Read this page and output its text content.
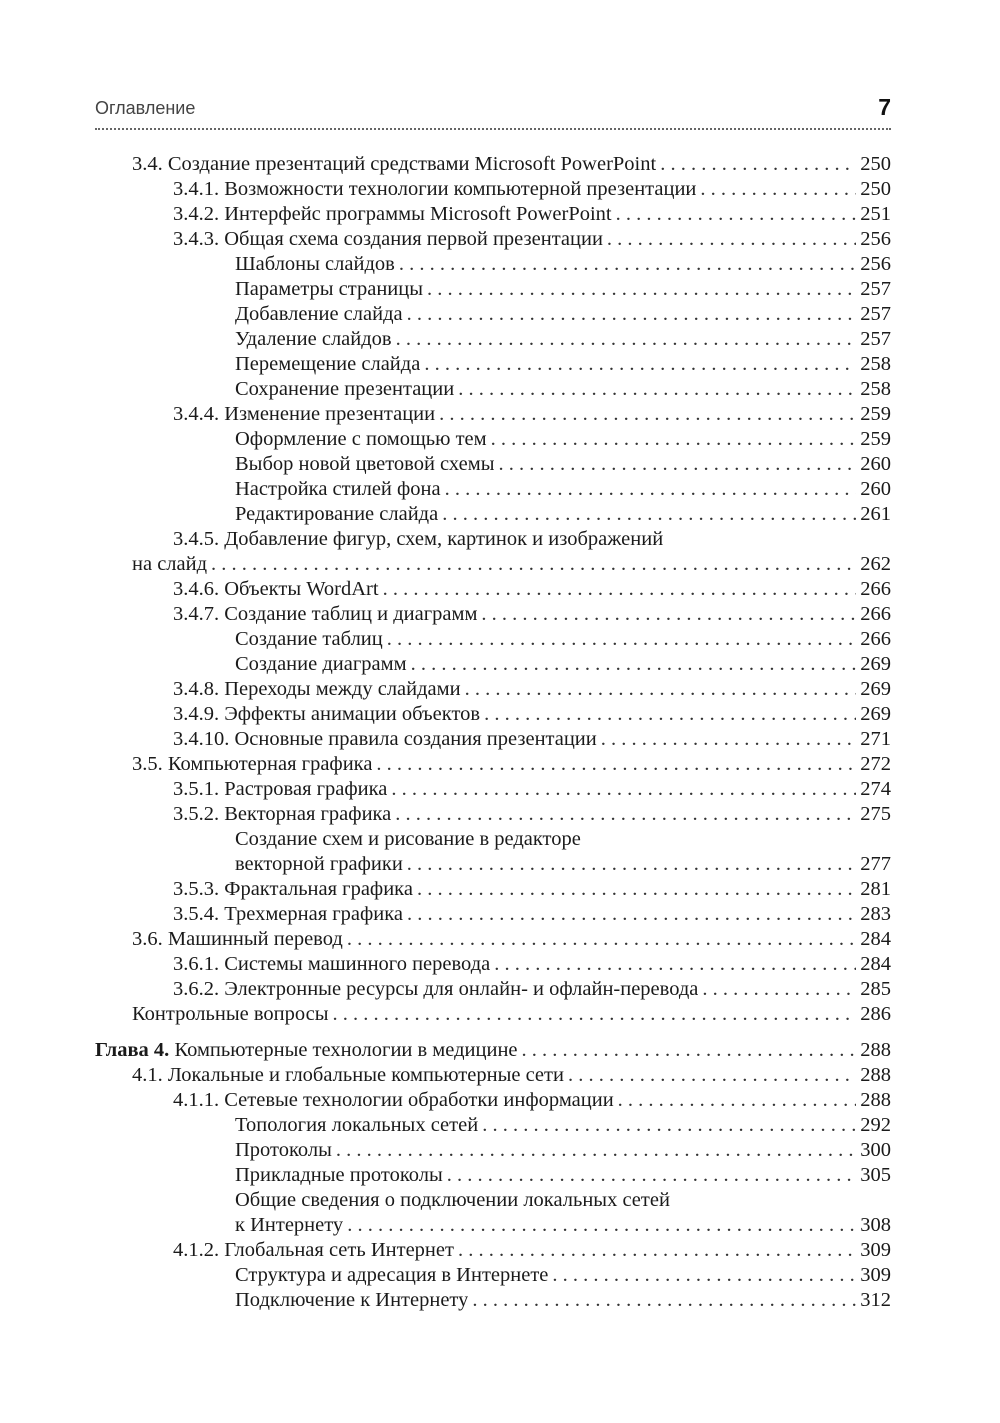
Оглавление	7
3.4. Создание презентаций средствами Microsoft PowerPoint . . .	250
3.4.1. Возможности технологии компьютерной презентации . . .	250
3.4.2. Интерфейс программы Microsoft PowerPoint . . .	251
3.4.3. Общая схема создания первой презентации . . .	256
Шаблоны слайдов . . .	256
Параметры страницы . . .	257
Добавление слайда . . .	257
Удаление слайдов . . .	257
Перемещение слайда . . .	258
Сохранение презентации . . .	258
3.4.4. Изменение презентации . . .	259
Оформление с помощью тем . . .	259
Выбор новой цветовой схемы . . .	260
Настройка стилей фона . . .	260
Редактирование слайда . . .	261
3.4.5. Добавление фигур, схем, картинок и изображений
на слайд . . .	262
3.4.6. Объекты WordArt . . .	266
3.4.7. Создание таблиц и диаграмм . . .	266
Создание таблиц . . .	266
Создание диаграмм . . .	269
3.4.8. Переходы между слайдами . . .	269
3.4.9. Эффекты анимации объектов . . .	269
3.4.10. Основные правила создания презентации . . .	271
3.5. Компьютерная графика . . .	272
3.5.1. Растровая графика . . .	274
3.5.2. Векторная графика . . .	275
Создание схем и рисование в редакторе
векторной графики . . .	277
3.5.3. Фрактальная графика . . .	281
3.5.4. Трехмерная графика . . .	283
3.6. Машинный перевод . . .	284
3.6.1. Системы машинного перевода . . .	284
3.6.2. Электронные ресурсы для онлайн- и офлайн-перевода . . .	285
Контрольные вопросы . . .	286
Глава 4. Компьютерные технологии в медицине . . .	288
4.1. Локальные и глобальные компьютерные сети . . .	288
4.1.1. Сетевые технологии обработки информации . . .	288
Топология локальных сетей . . .	292
Протоколы . . .	300
Прикладные протоколы . . .	305
Общие сведения о подключении локальных сетей
к Интернету . . .	308
4.1.2. Глобальная сеть Интернет . . .	309
Структура и адресация в Интернете . . .	309
Подключение к Интернету . . .	312
